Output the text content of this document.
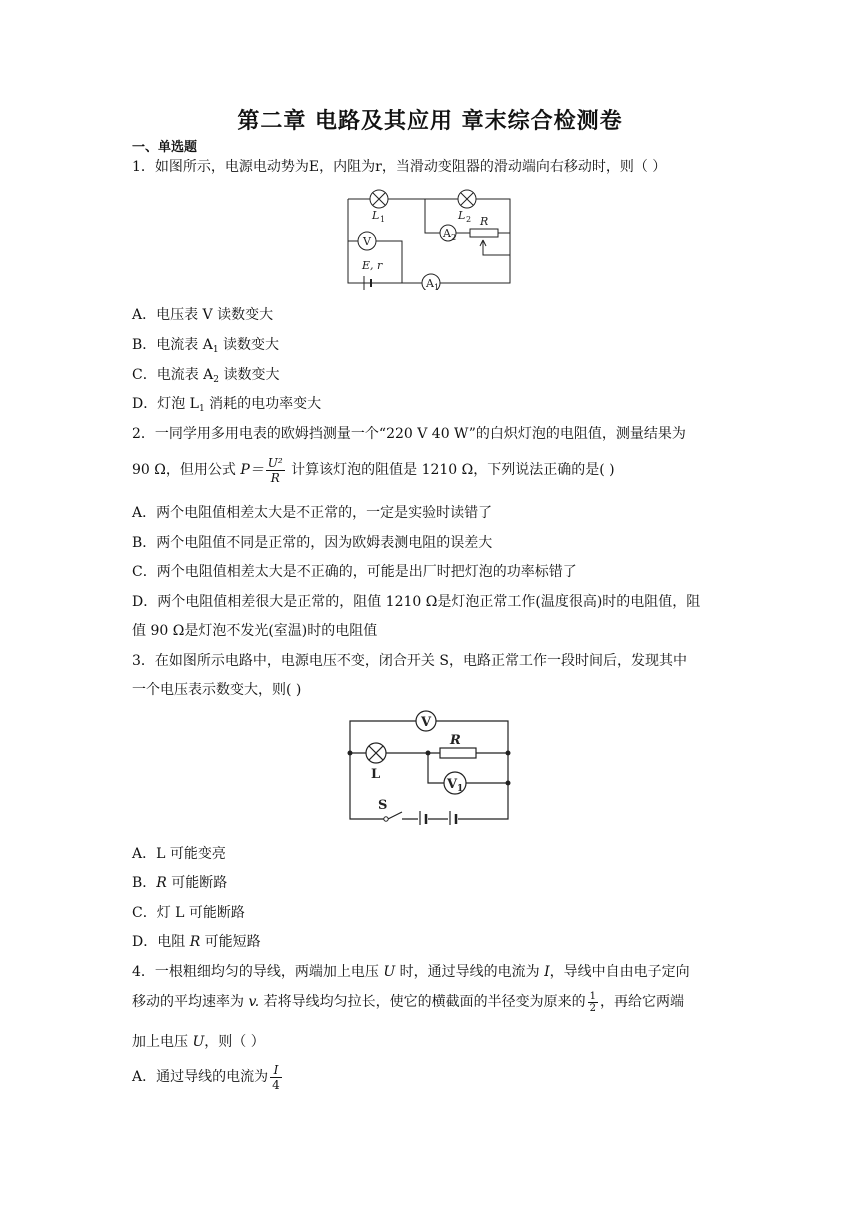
第二章 电路及其应用 章末综合检测卷
一、单选题
1．如图所示，电源电动势为E，内阻为r，当滑动变阻器的滑动端向右移动时，则（ ）
L 1	L 2 R
V
A 2
E, r
A 1
A．电压表 V 读数变大
B．电流表 $A_1$ 读数变大
C．电流表 $A_2$ 读数变大
D．灯泡 $L_1$ 消耗的电功率变大
2．一同学用多用电表的欧姆挡测量一个“220 V 40 W”的白炽灯泡的电阻值，测量结果为
90 Ω，但用公式 $P= \frac{\text{U²}}{R}$ 计算该灯泡的阻值是 1210 Ω，下列说法正确的是( )
A．两个电阻值相差太大是不正常的，一定是实验时读错了
B．两个电阻值不同是正常的，因为欧姆表测电阻的误差大
C．两个电阻值相差太大是不正确的，可能是出厂时把灯泡的功率标错了
D．两个电阻值相差很大是正常的，阻值 1210 Ω是灯泡正常工作(温度很高)时的电阻值，阻
值 90 Ω是灯泡不发光(室温)时的电阻值
3．在如图所示电路中，电源电压不变，闭合开关 S，电路正常工作一段时间后，发现其中
一个电压表示数变大，则( )
V
R
L
V 1
S
A．L 可能变亮
B．R 可能断路
C．灯 L 可能断路
D．电阻 R 可能短路
4．一根粗细均匀的导线，两端加上电压 U 时，通过导线的电流为 I，导线中自由电子定向
移动的平均速率为 v. 若将导线均匀拉长，使它的横截面的半径变为原来的 $\frac{1}{2}$ ，再给它两端
加上电压 U，则（ ）
A．通过导线的电流为 $\frac{I}{4}$
